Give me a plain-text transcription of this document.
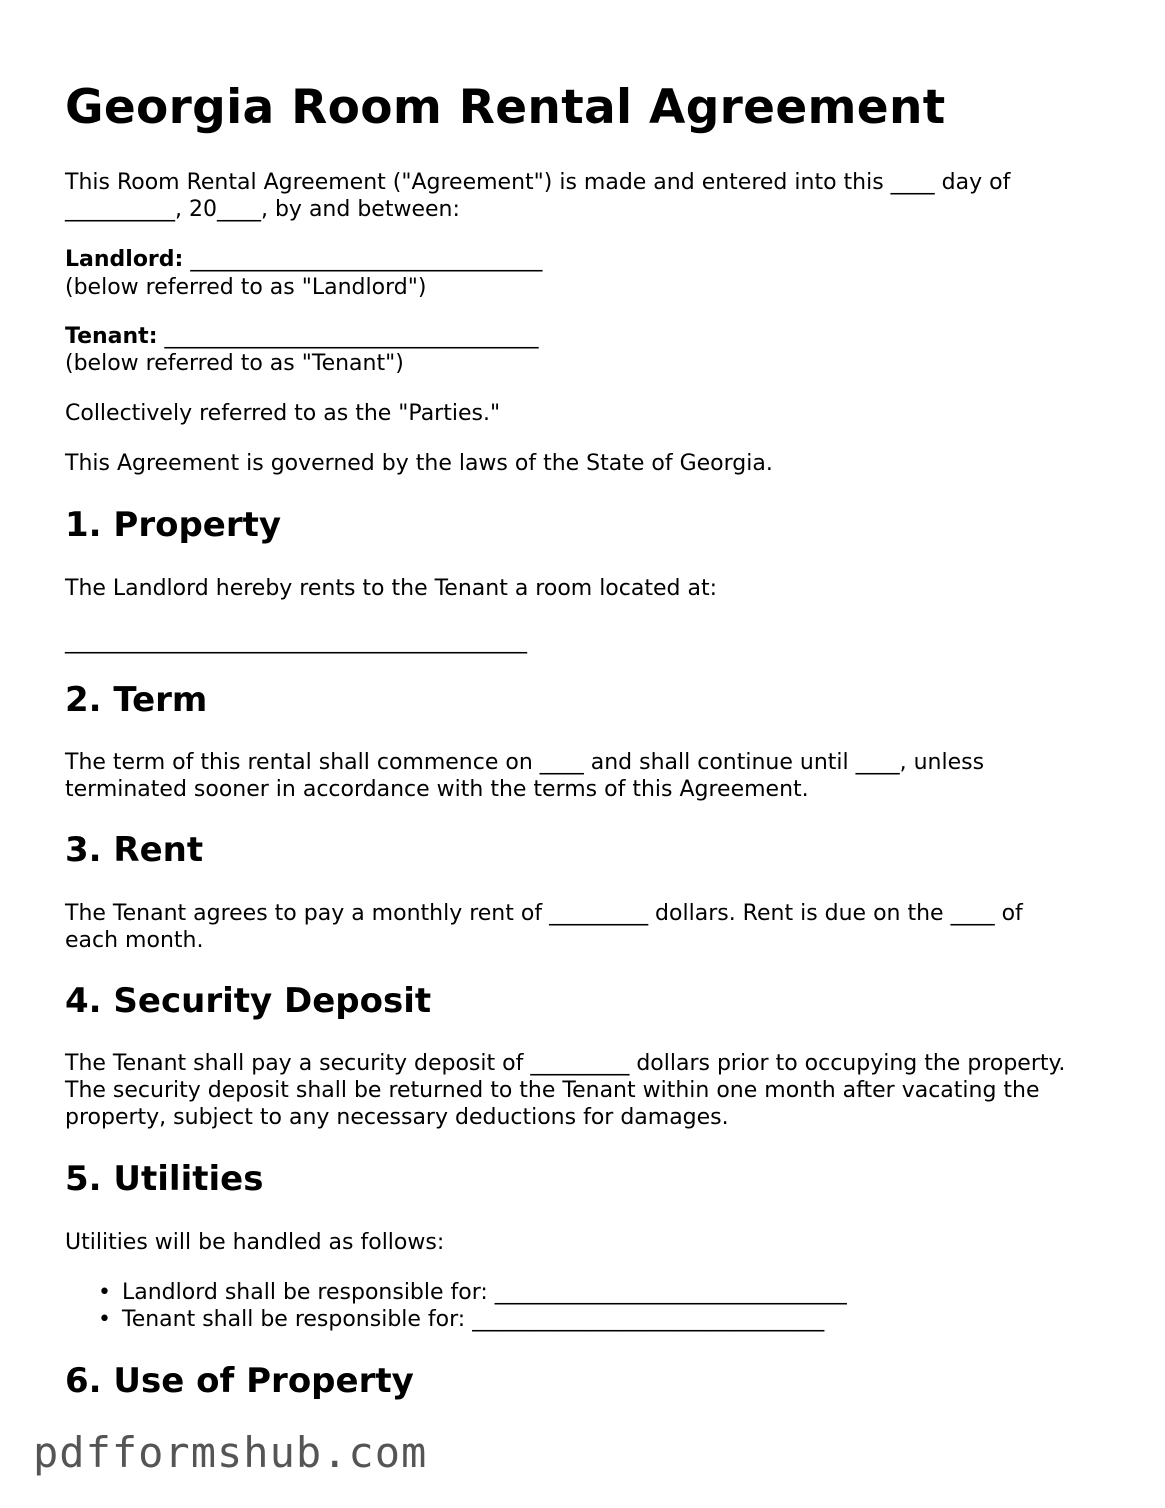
Georgia Room Rental Agreement

This Room Rental Agreement ("Agreement") is made and entered into this ____ day of

__________, 20____, by and between:

Landlord: ________________________________

(below referred to as "Landlord")

Tenant: __________________________________

(below referred to as "Tenant")

Collectively referred to as the "Parties."

This Agreement is governed by the laws of the State of Georgia.

1. Property

The Landlord hereby rents to the Tenant a room located at:

__________________________________________

2. Term

The term of this rental shall commence on ____ and shall continue until ____, unless

terminated sooner in accordance with the terms of this Agreement.

3. Rent

The Tenant agrees to pay a monthly rent of _________ dollars. Rent is due on the ____ of

each month.

4. Security Deposit

The Tenant shall pay a security deposit of _________ dollars prior to occupying the property.

The security deposit shall be returned to the Tenant within one month after vacating the

property, subject to any necessary deductions for damages.

5. Utilities

Utilities will be handled as follows:

• Landlord shall be responsible for: ________________________________
• Tenant shall be responsible for: ________________________________
6. Use of Property
pdfformshub.com
